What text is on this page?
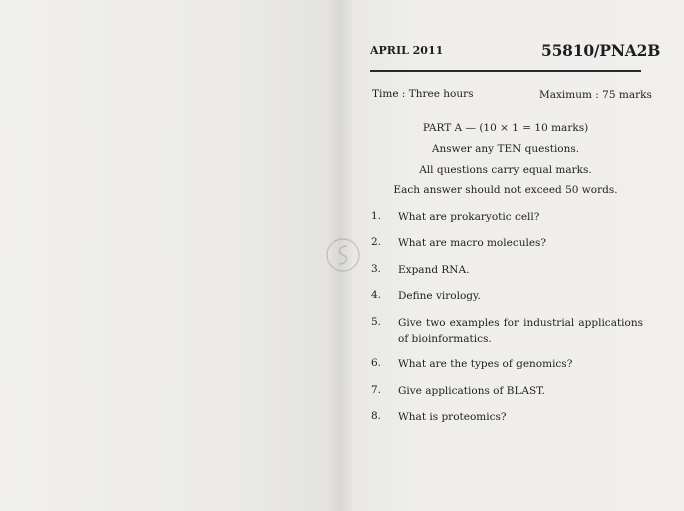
APRIL 2011	55810/PNA2B
Time : Three hours	Maximum : 75 marks
PART A — (10 × 1 = 10 marks)
Answer any TEN questions.
All questions carry equal marks.
Each answer should not exceed 50 words.
1. What are prokaryotic cell?
2. What are macro molecules?
3. Expand RNA.
4. Define virology.
5. Give two examples for industrial applications of bioinformatics.
6. What are the types of genomics?
7. Give applications of BLAST.
8. What is proteomics?
